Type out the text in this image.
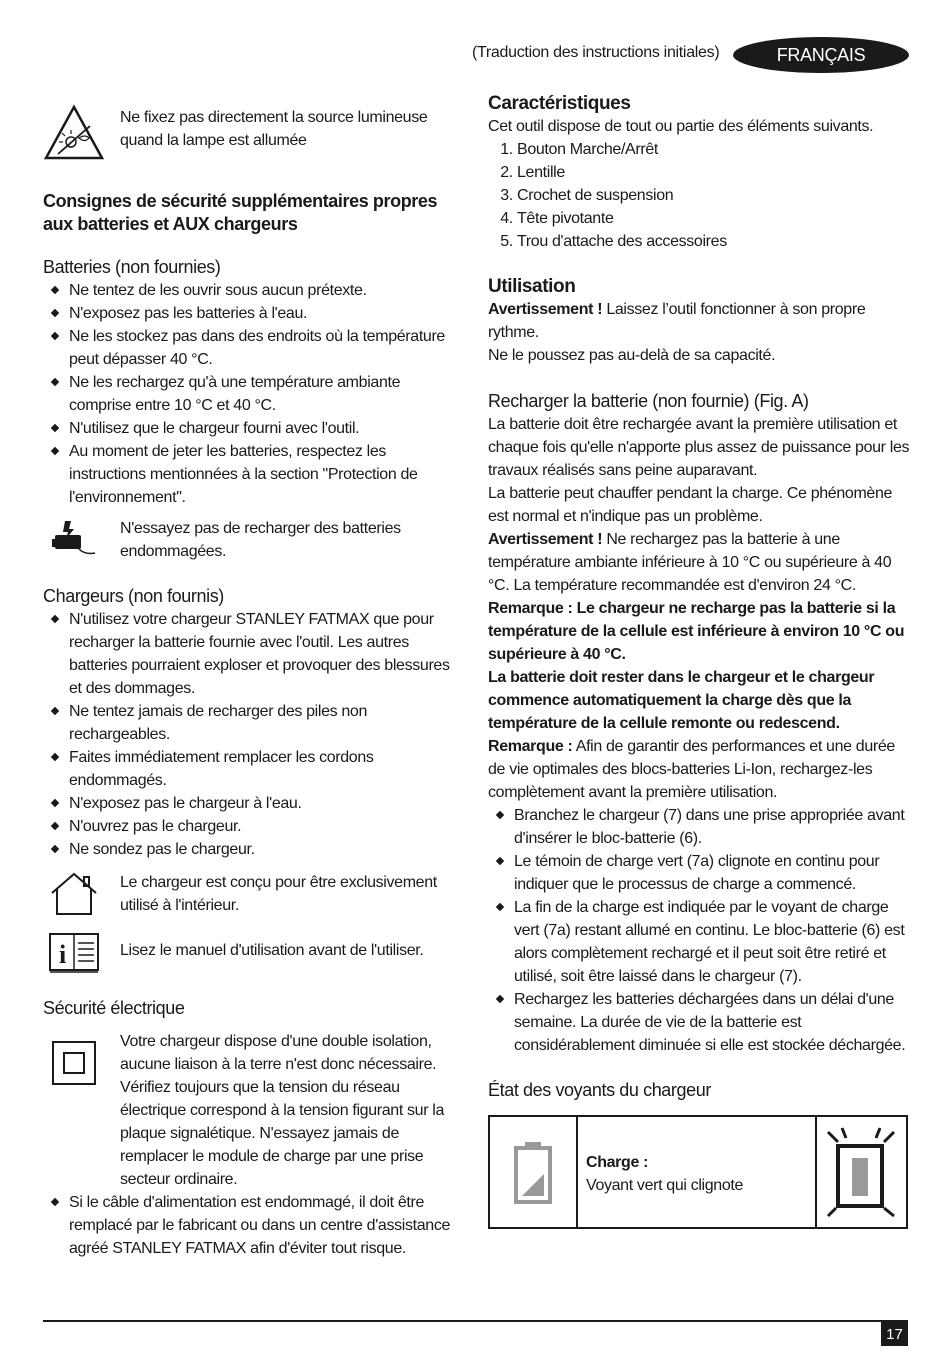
(Traduction des instructions initiales)	FRANÇAIS
Ne fixez pas directement la source lumineuse quand la lampe est allumée
Consignes de sécurité supplémentaires propres aux batteries et AUX chargeurs
Batteries (non fournies)
Ne tentez de les ouvrir sous aucun prétexte.
N'exposez pas les batteries à l'eau.
Ne les stockez pas dans des endroits où la température peut dépasser 40 °C.
Ne les rechargez qu'à une température ambiante comprise entre 10 °C et 40 °C.
N'utilisez que le chargeur fourni avec l'outil.
Au moment de jeter les batteries, respectez les instructions mentionnées à la section "Protection de l'environnement".
N'essayez pas de recharger des batteries endommagées.
Chargeurs (non fournis)
N'utilisez votre chargeur STANLEY FATMAX que pour recharger la batterie fournie avec l'outil. Les autres batteries pourraient exploser et provoquer des blessures et des dommages.
Ne tentez jamais de recharger des piles non rechargeables.
Faites immédiatement remplacer les cordons endommagés.
N'exposez pas le chargeur à l'eau.
N'ouvrez pas le chargeur.
Ne sondez pas le chargeur.
Le chargeur est conçu pour être exclusivement utilisé à l'intérieur.
i	Lisez le manuel d'utilisation avant de l'utiliser.
Sécurité électrique
Votre chargeur dispose d'une double isolation, aucune liaison à la terre n'est donc nécessaire. Vérifiez toujours que la tension du réseau électrique correspond à la tension figurant sur la plaque signalétique. N'essayez jamais de remplacer le module de charge par une prise secteur ordinaire.
Si le câble d'alimentation est endommagé, il doit être remplacé par le fabricant ou dans un centre d'assistance agréé STANLEY FATMAX afin d'éviter tout risque.
Caractéristiques
Cet outil dispose de tout ou partie des éléments suivants.
1. Bouton Marche/Arrêt
2. Lentille
3. Crochet de suspension
4. Tête pivotante
5. Trou d'attache des accessoires
Utilisation
Avertissement ! Laissez l’outil fonctionner à son propre rythme.
Ne le poussez pas au-delà de sa capacité.
Recharger la batterie (non fournie) (Fig. A)
La batterie doit être rechargée avant la première utilisation et chaque fois qu'elle n'apporte plus assez de puissance pour les travaux réalisés sans peine auparavant.
La batterie peut chauffer pendant la charge. Ce phénomène est normal et n'indique pas un problème.
Avertissement ! Ne rechargez pas la batterie à une température ambiante inférieure à 10 °C ou supérieure à 40 °C. La température recommandée est d'environ 24 °C.
Remarque : Le chargeur ne recharge pas la batterie si la température de la cellule est inférieure à environ 10 °C ou supérieure à 40 °C.
La batterie doit rester dans le chargeur et le chargeur commence automatiquement la charge dès que la température de la cellule remonte ou redescend.
Remarque : Afin de garantir des performances et une durée de vie optimales des blocs-batteries Li-Ion, rechargez-les complètement avant la première utilisation.
Branchez le chargeur (7) dans une prise appropriée avant d'insérer le bloc-batterie (6).
Le témoin de charge vert (7a) clignote en continu pour indiquer que le processus de charge a commencé.
La fin de la charge est indiquée par le voyant de charge vert (7a) restant allumé en continu. Le bloc-batterie (6) est alors complètement rechargé et il peut soit être retiré et utilisé, soit être laissé dans le chargeur (7).
Rechargez les batteries déchargées dans un délai d'une semaine. La durée de vie de la batterie est considérablement diminuée si elle est stockée déchargée.
État des voyants du chargeur
Charge :
Voyant vert qui clignote
17
